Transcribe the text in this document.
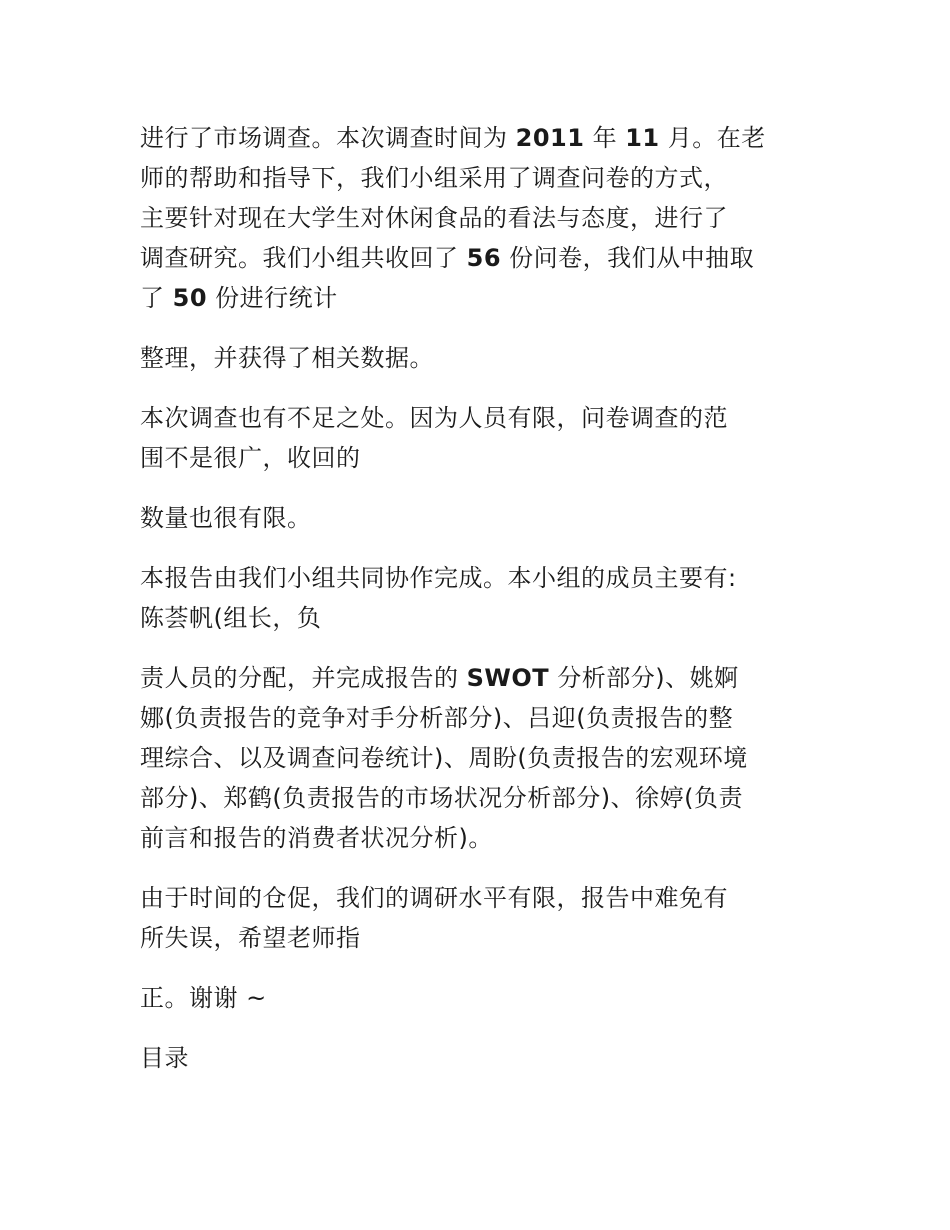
进行了市场调查。本次调查时间为 2011 年 11 月。在老
师的帮助和指导下，我们小组采用了调查问卷的方式，
主要针对现在大学生对休闲食品的看法与态度，进行了
调查研究。我们小组共收回了 56 份问卷，我们从中抽取
了 50 份进行统计

整理，并获得了相关数据。

本次调查也有不足之处。因为人员有限，问卷调查的范
围不是很广，收回的

数量也很有限。

本报告由我们小组共同协作完成。本小组的成员主要有:
陈荟帆(组长，负

责人员的分配，并完成报告的 SWOT 分析部分)、姚婀
娜(负责报告的竞争对手分析部分)、吕迎(负责报告的整
理综合、以及调查问卷统计)、周盼(负责报告的宏观环境
部分)、郑鹤(负责报告的市场状况分析部分)、徐婷(负责
前言和报告的消费者状况分析)。

由于时间的仓促，我们的调研水平有限，报告中难免有
所失误，希望老师指

正。谢谢 ~

目录
